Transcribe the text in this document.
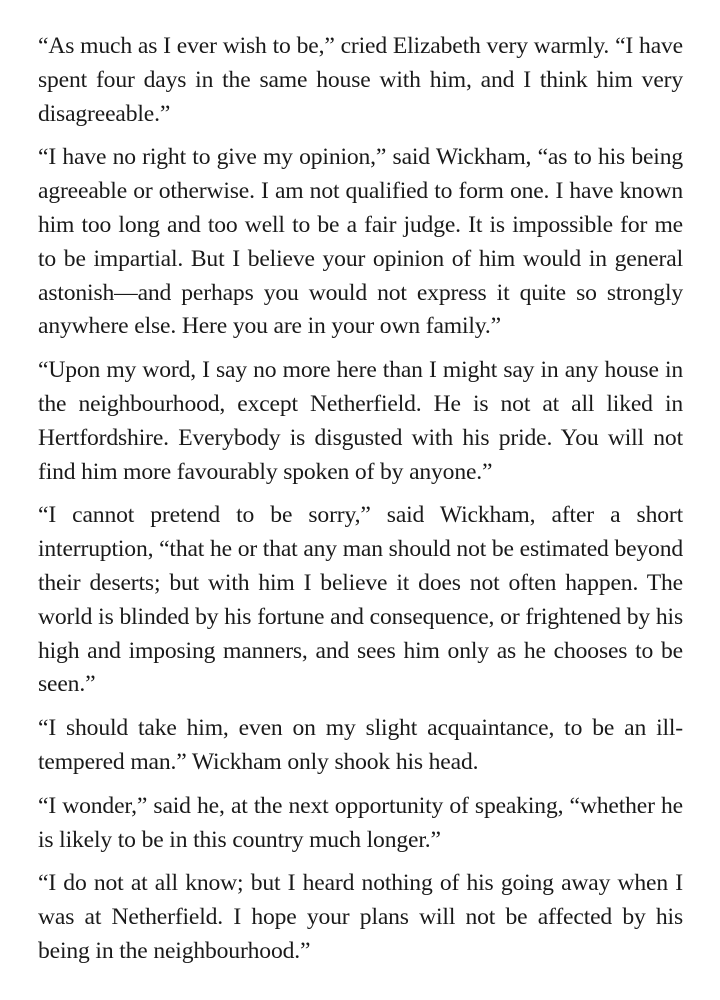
“As much as I ever wish to be,” cried Elizabeth very warmly. “I have spent four days in the same house with him, and I think him very disagreeable.”

“I have no right to give my opinion,” said Wickham, “as to his being agreeable or otherwise. I am not qualified to form one. I have known him too long and too well to be a fair judge. It is impossible for me to be impartial. But I believe your opinion of him would in general astonish—and perhaps you would not express it quite so strongly anywhere else. Here you are in your own family.”

“Upon my word, I say no more here than I might say in any house in the neighbourhood, except Netherfield. He is not at all liked in Hertfordshire. Everybody is disgusted with his pride. You will not find him more favourably spoken of by anyone.”

“I cannot pretend to be sorry,” said Wickham, after a short interruption, “that he or that any man should not be estimated beyond their deserts; but with him I believe it does not often happen. The world is blinded by his fortune and consequence, or frightened by his high and imposing manners, and sees him only as he chooses to be seen.”

“I should take him, even on my slight acquaintance, to be an ill-tempered man.” Wickham only shook his head.

“I wonder,” said he, at the next opportunity of speaking, “whether he is likely to be in this country much longer.”

“I do not at all know; but I heard nothing of his going away when I was at Netherfield. I hope your plans will not be affected by his being in the neighbourhood.”
